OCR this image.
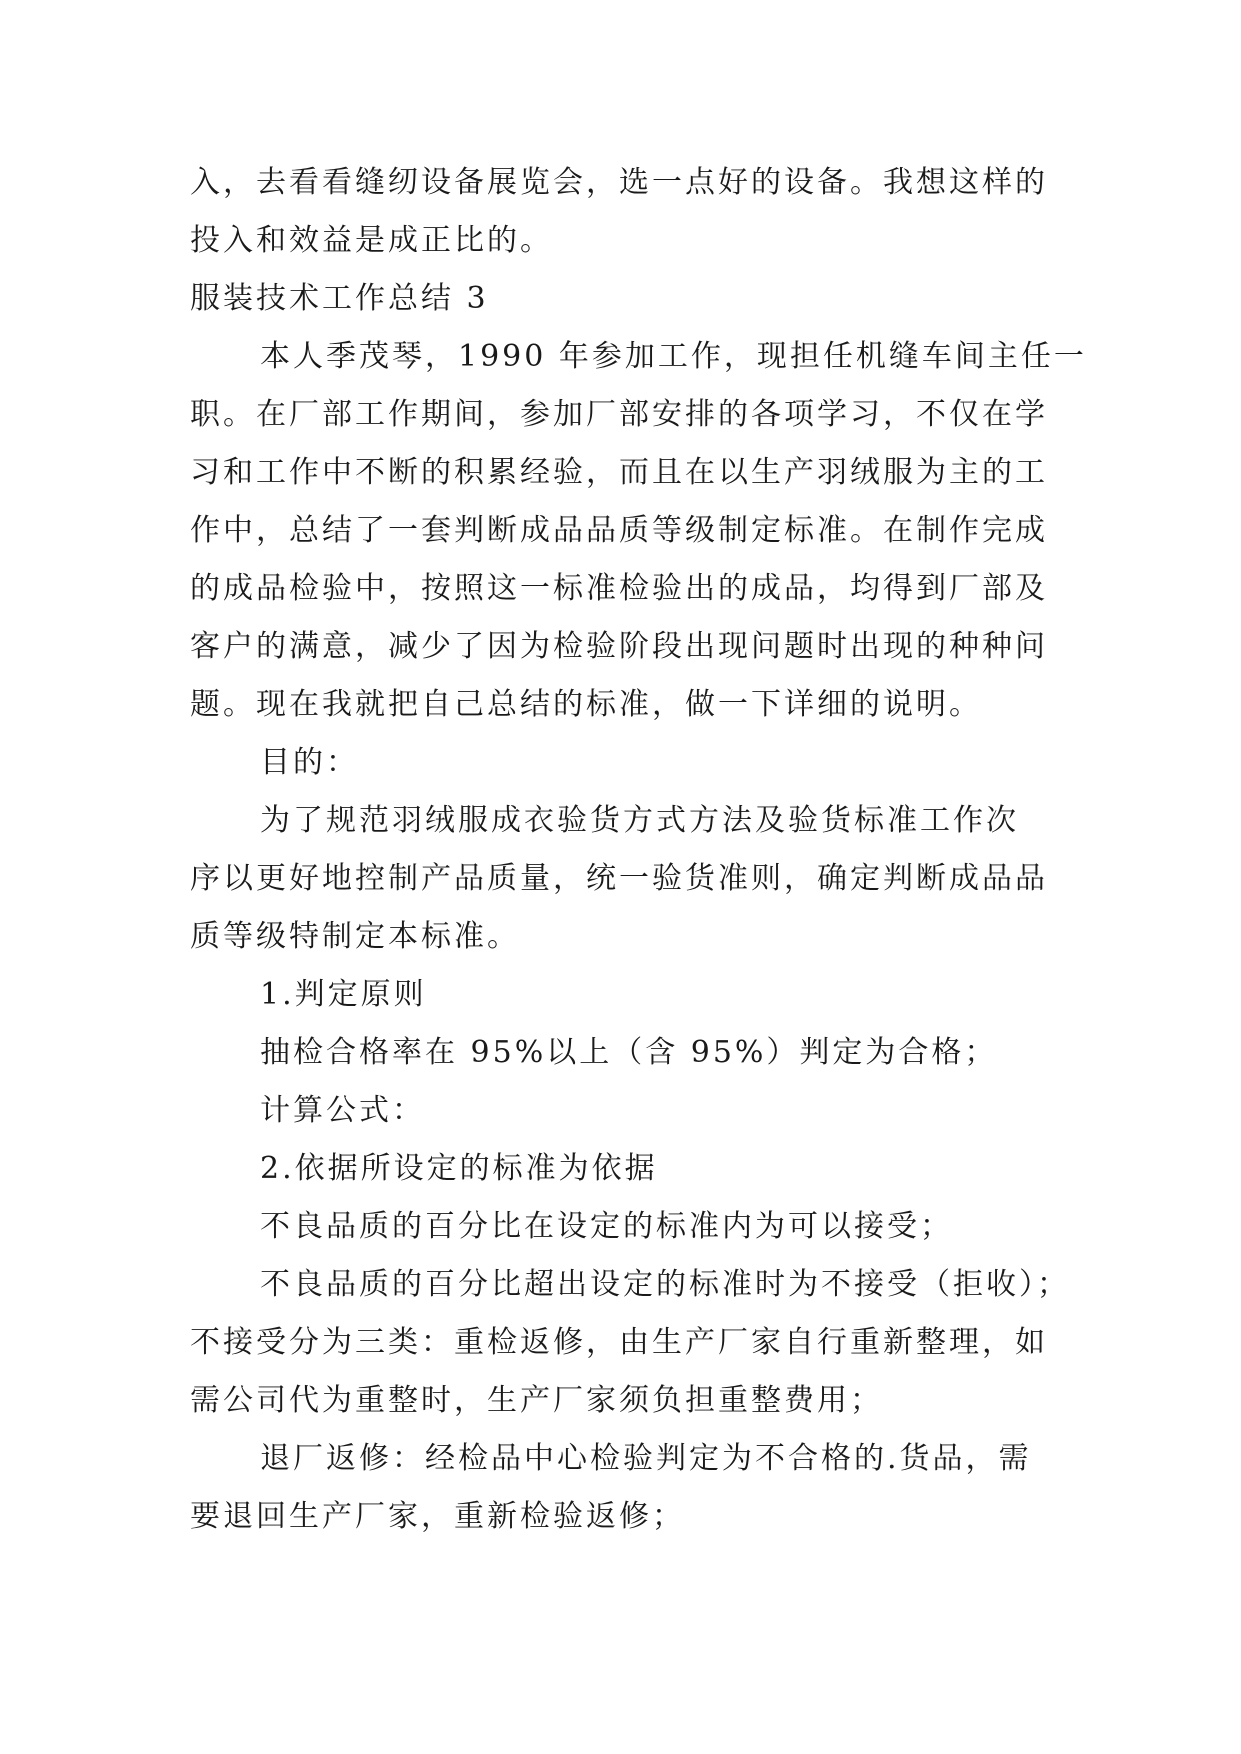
入，去看看缝纫设备展览会，选一点好的设备。我想这样的

投入和效益是成正比的。

服装技术工作总结 3

本人季茂琴，1990 年参加工作，现担任机缝车间主任一

职。在厂部工作期间，参加厂部安排的各项学习，不仅在学

习和工作中不断的积累经验，而且在以生产羽绒服为主的工

作中，总结了一套判断成品品质等级制定标准。在制作完成

的成品检验中，按照这一标准检验出的成品，均得到厂部及

客户的满意，减少了因为检验阶段出现问题时出现的种种问

题。现在我就把自己总结的标准，做一下详细的说明。

目的：

为了规范羽绒服成衣验货方式方法及验货标准工作次

序以更好地控制产品质量，统一验货准则，确定判断成品品

质等级特制定本标准。

1.判定原则

抽检合格率在 95%以上（含 95%）判定为合格；

计算公式：

2.依据所设定的标准为依据

不良品质的百分比在设定的标准内为可以接受；

不良品质的百分比超出设定的标准时为不接受（拒收）；

不接受分为三类：重检返修，由生产厂家自行重新整理，如

需公司代为重整时，生产厂家须负担重整费用；

退厂返修：经检品中心检验判定为不合格的.货品，需

要退回生产厂家，重新检验返修；
